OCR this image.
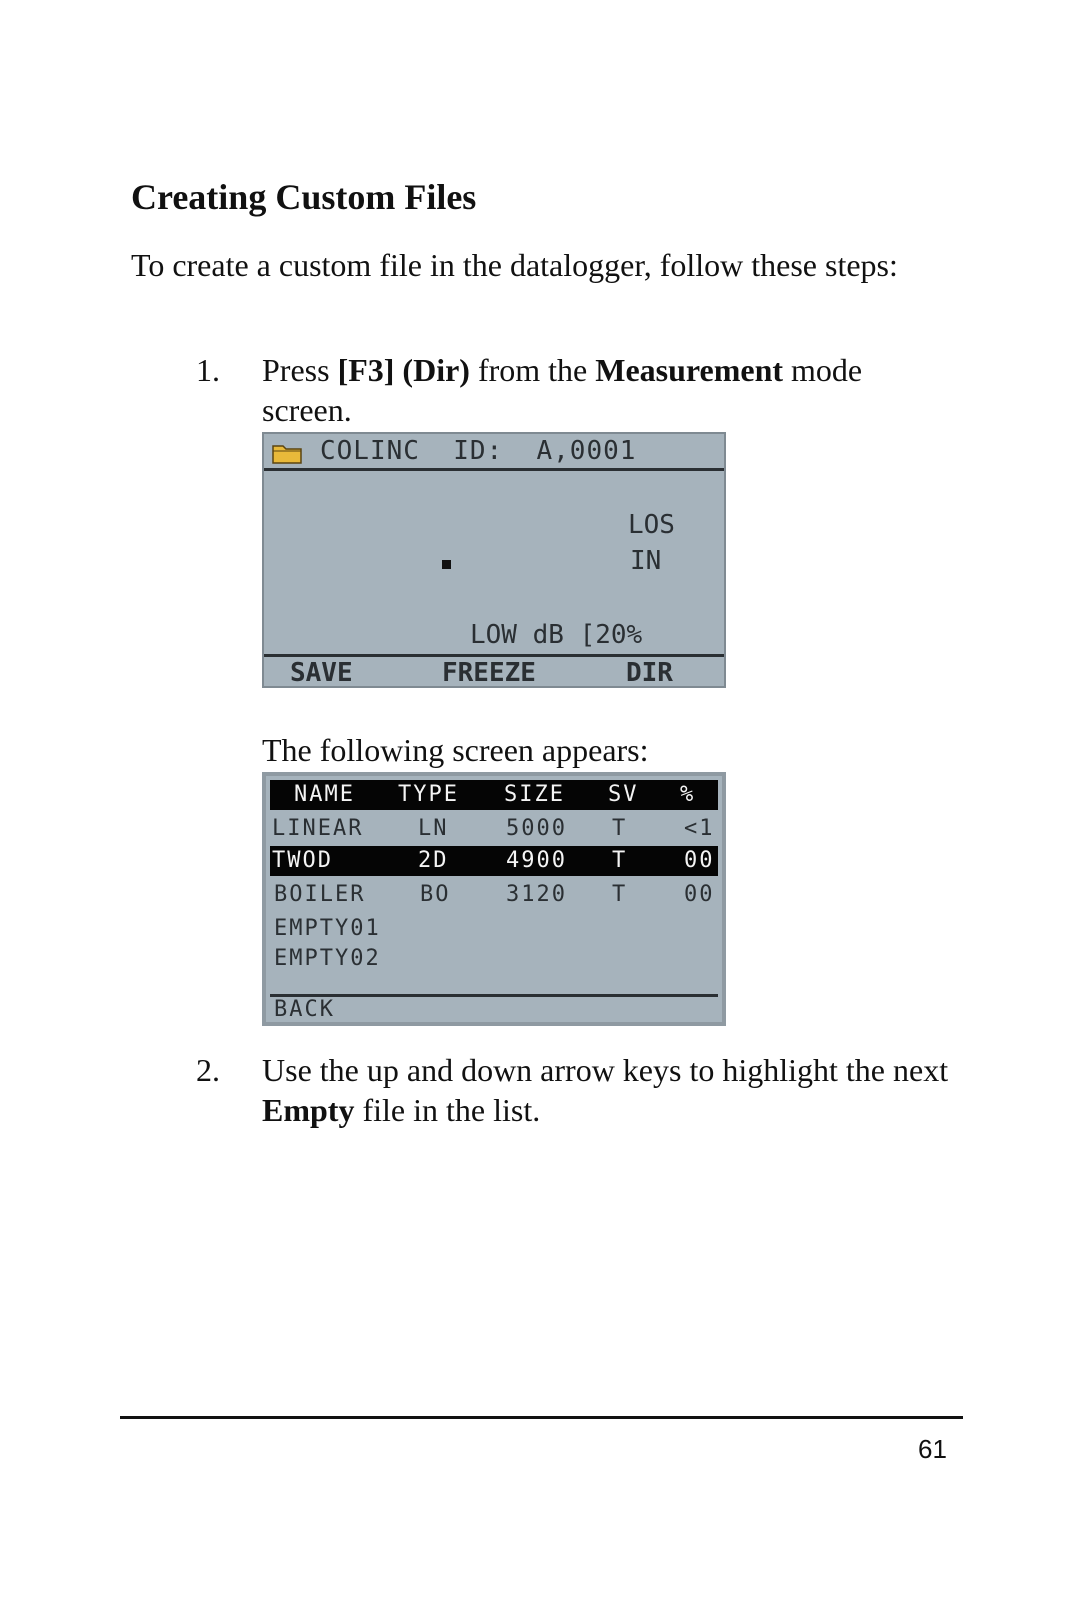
Creating Custom Files

To create a custom file in the datalogger, follow these steps:

1. Press [F3] (Dir) from the Measurement mode screen.
COLINC  ID:  A,0001
LOS
IN
LOW dB [20%
SAVE	FREEZE	DIR
The following screen appears:
NAME TYPE SIZE SV %
LINEAR LN	5000 T	<1
TWOD	2D	4900 T	00
BOILER BO	3120 T	00
EMPTY01
EMPTY02
BACK
2. Use the up and down arrow keys to highlight the next Empty file in the list.
61
